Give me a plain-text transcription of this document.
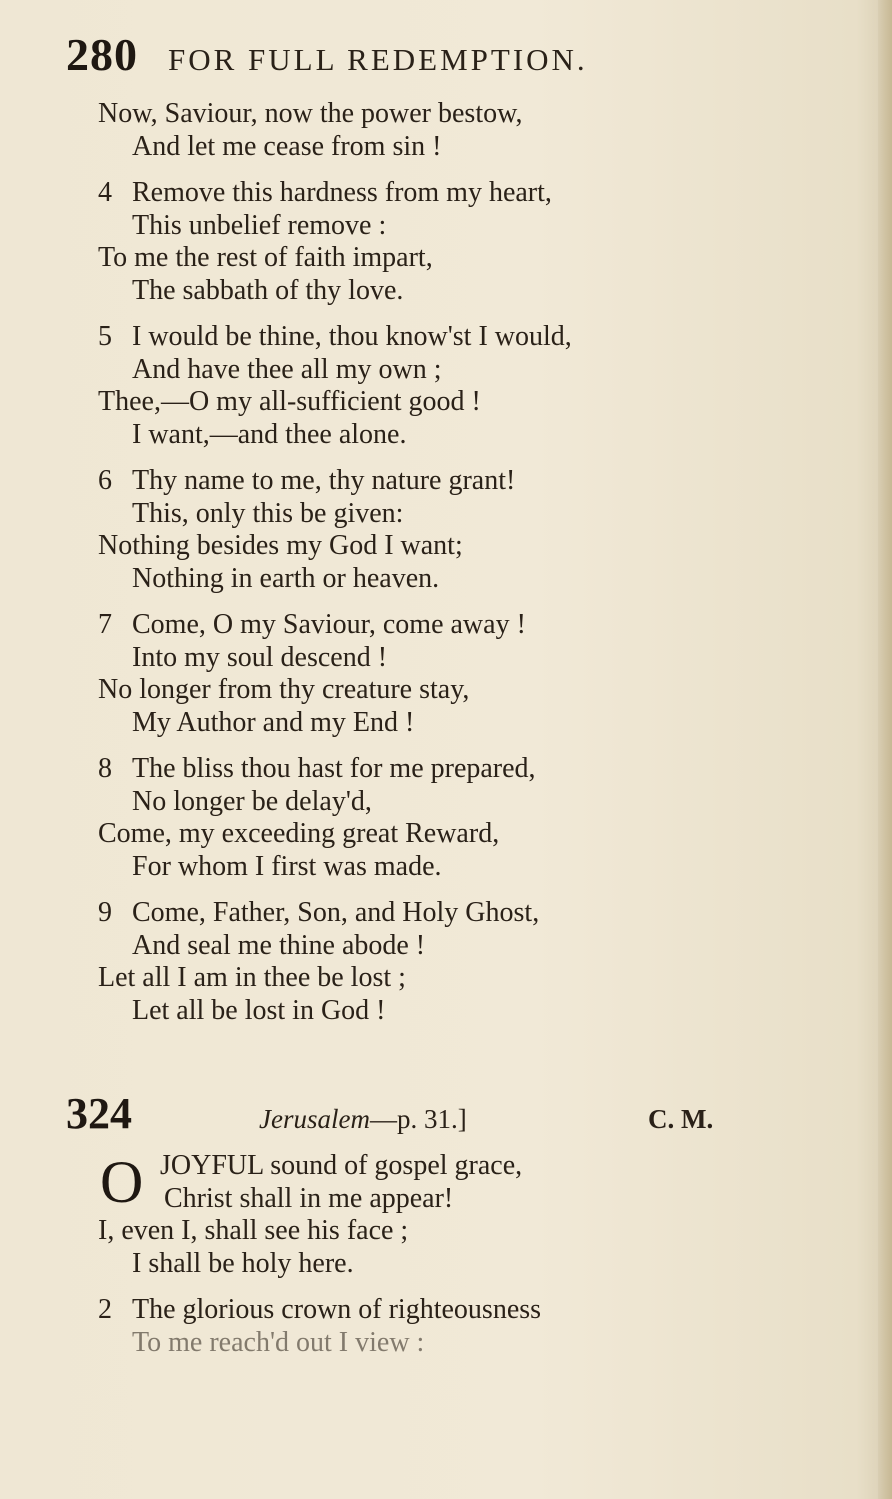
280 FOR FULL REDEMPTION.
Now, Saviour, now the power bestow,
And let me cease from sin !
4 Remove this hardness from my heart,
This unbelief remove :
To me the rest of faith impart,
The sabbath of thy love.
5 I would be thine, thou know'st I would,
And have thee all my own ;
Thee,—O my all-sufficient good !
I want,—and thee alone.
6 Thy name to me, thy nature grant!
This, only this be given:
Nothing besides my God I want;
Nothing in earth or heaven.
7 Come, O my Saviour, come away !
Into my soul descend !
No longer from thy creature stay,
My Author and my End !
8 The bliss thou hast for me prepared,
No longer be delay'd,
Come, my exceeding great Reward,
For whom I first was made.
9 Come, Father, Son, and Holy Ghost,
And seal me thine abode !
Let all I am in thee be lost ;
Let all be lost in God !
324	Jerusalem—p. 31.]	C. M.
O JOYFUL sound of gospel grace,
Christ shall in me appear!
I, even I, shall see his face ;
I shall be holy here.
2 The glorious crown of righteousness
To me reach'd out I view :
